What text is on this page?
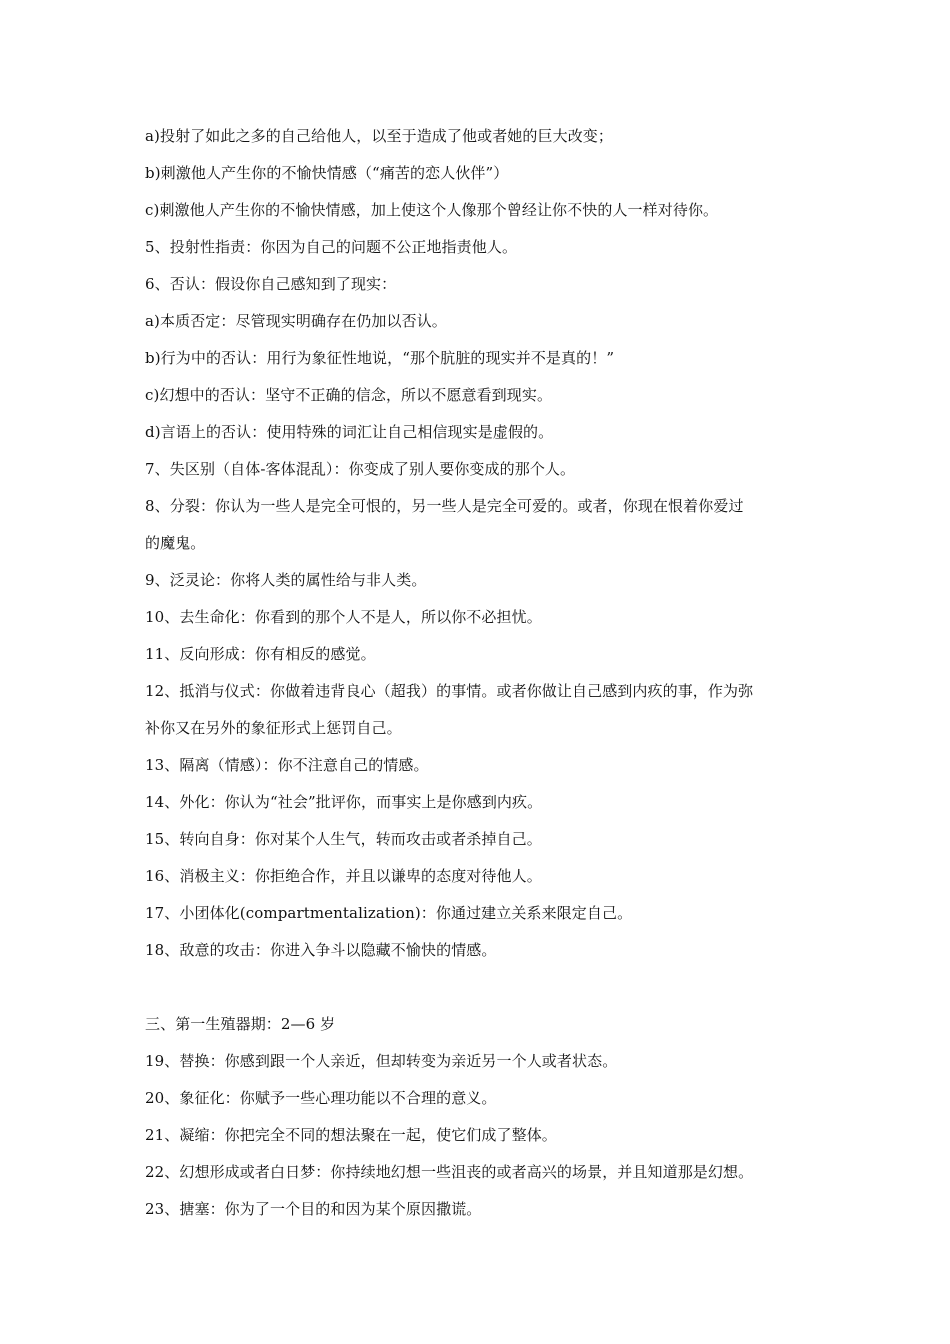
a)投射了如此之多的自己给他人，以至于造成了他或者她的巨大改变；
b)刺激他人产生你的不愉快情感（“痛苦的恋人伙伴”）
c)刺激他人产生你的不愉快情感，加上使这个人像那个曾经让你不快的人一样对待你。
5、投射性指责：你因为自己的问题不公正地指责他人。
6、否认：假设你自己感知到了现实：
a)本质否定：尽管现实明确存在仍加以否认。
b)行为中的否认：用行为象征性地说，“那个肮脏的现实并不是真的！”
c)幻想中的否认：坚守不正确的信念，所以不愿意看到现实。
d)言语上的否认：使用特殊的词汇让自己相信现实是虚假的。
7、失区别（自体-客体混乱）：你变成了别人要你变成的那个人。
8、分裂：你认为一些人是完全可恨的，另一些人是完全可爱的。或者，你现在恨着你爱过
的魔鬼。
9、泛灵论：你将人类的属性给与非人类。
10、去生命化：你看到的那个人不是人，所以你不必担忧。
11、反向形成：你有相反的感觉。
12、抵消与仪式：你做着违背良心（超我）的事情。或者你做让自己感到内疚的事，作为弥
补你又在另外的象征形式上惩罚自己。
13、隔离（情感）：你不注意自己的情感。
14、外化：你认为“社会”批评你，而事实上是你感到内疚。
15、转向自身：你对某个人生气，转而攻击或者杀掉自己。
16、消极主义：你拒绝合作，并且以谦卑的态度对待他人。
17、小团体化(compartmentalization)：你通过建立关系来限定自己。
18、敌意的攻击：你进入争斗以隐藏不愉快的情感。
三、第一生殖器期：2—6 岁
19、替换：你感到跟一个人亲近，但却转变为亲近另一个人或者状态。
20、象征化：你赋予一些心理功能以不合理的意义。
21、凝缩：你把完全不同的想法聚在一起，使它们成了整体。
22、幻想形成或者白日梦：你持续地幻想一些沮丧的或者高兴的场景，并且知道那是幻想。
23、搪塞：你为了一个目的和因为某个原因撒谎。
